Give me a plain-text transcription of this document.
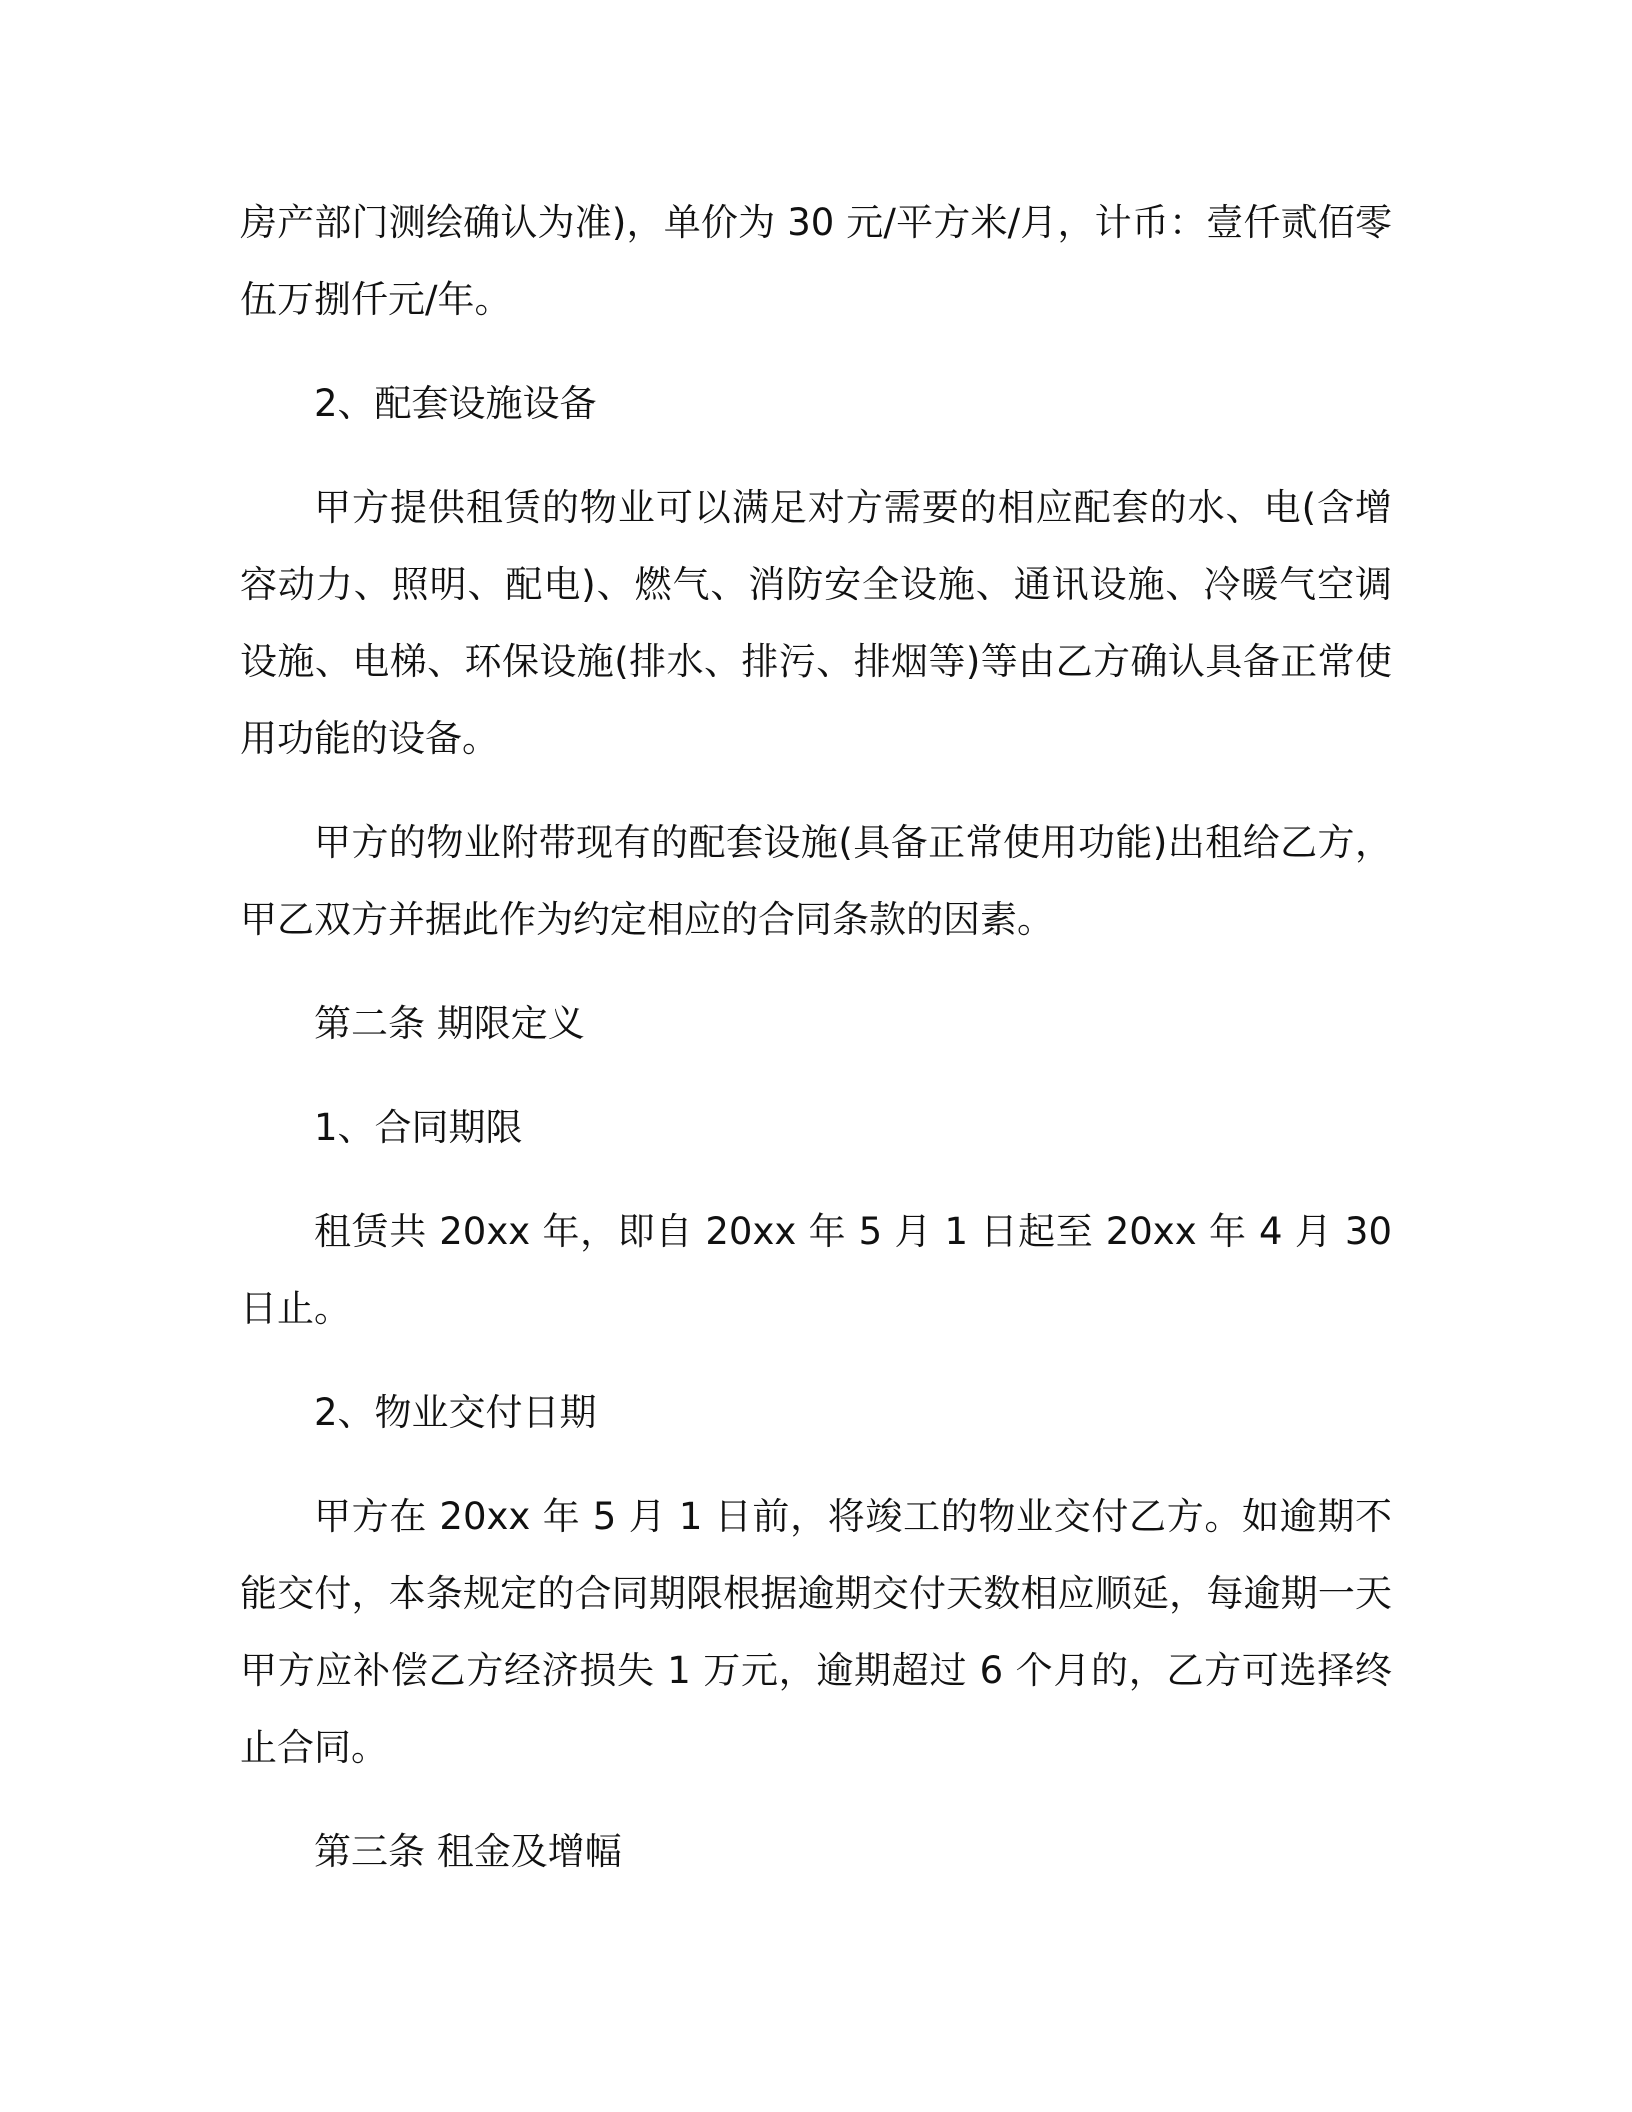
房产部门测绘确认为准)，单价为 30 元/平方米/月，计币：壹仟贰佰零伍万捌仟元/年。

2、配套设施设备

甲方提供租赁的物业可以满足对方需要的相应配套的水、电(含增容动力、照明、配电)、燃气、消防安全设施、通讯设施、冷暖气空调设施、电梯、环保设施(排水、排污、排烟等)等由乙方确认具备正常使用功能的设备。

甲方的物业附带现有的配套设施(具备正常使用功能)出租给乙方，甲乙双方并据此作为约定相应的合同条款的因素。

第二条 期限定义

1、合同期限

租赁共 20xx 年，即自 20xx 年 5 月 1 日起至 20xx 年 4 月 30 日止。

2、物业交付日期

甲方在 20xx 年 5 月 1 日前，将竣工的物业交付乙方。如逾期不能交付，本条规定的合同期限根据逾期交付天数相应顺延，每逾期一天甲方应补偿乙方经济损失 1 万元，逾期超过 6 个月的，乙方可选择终止合同。

第三条 租金及增幅
